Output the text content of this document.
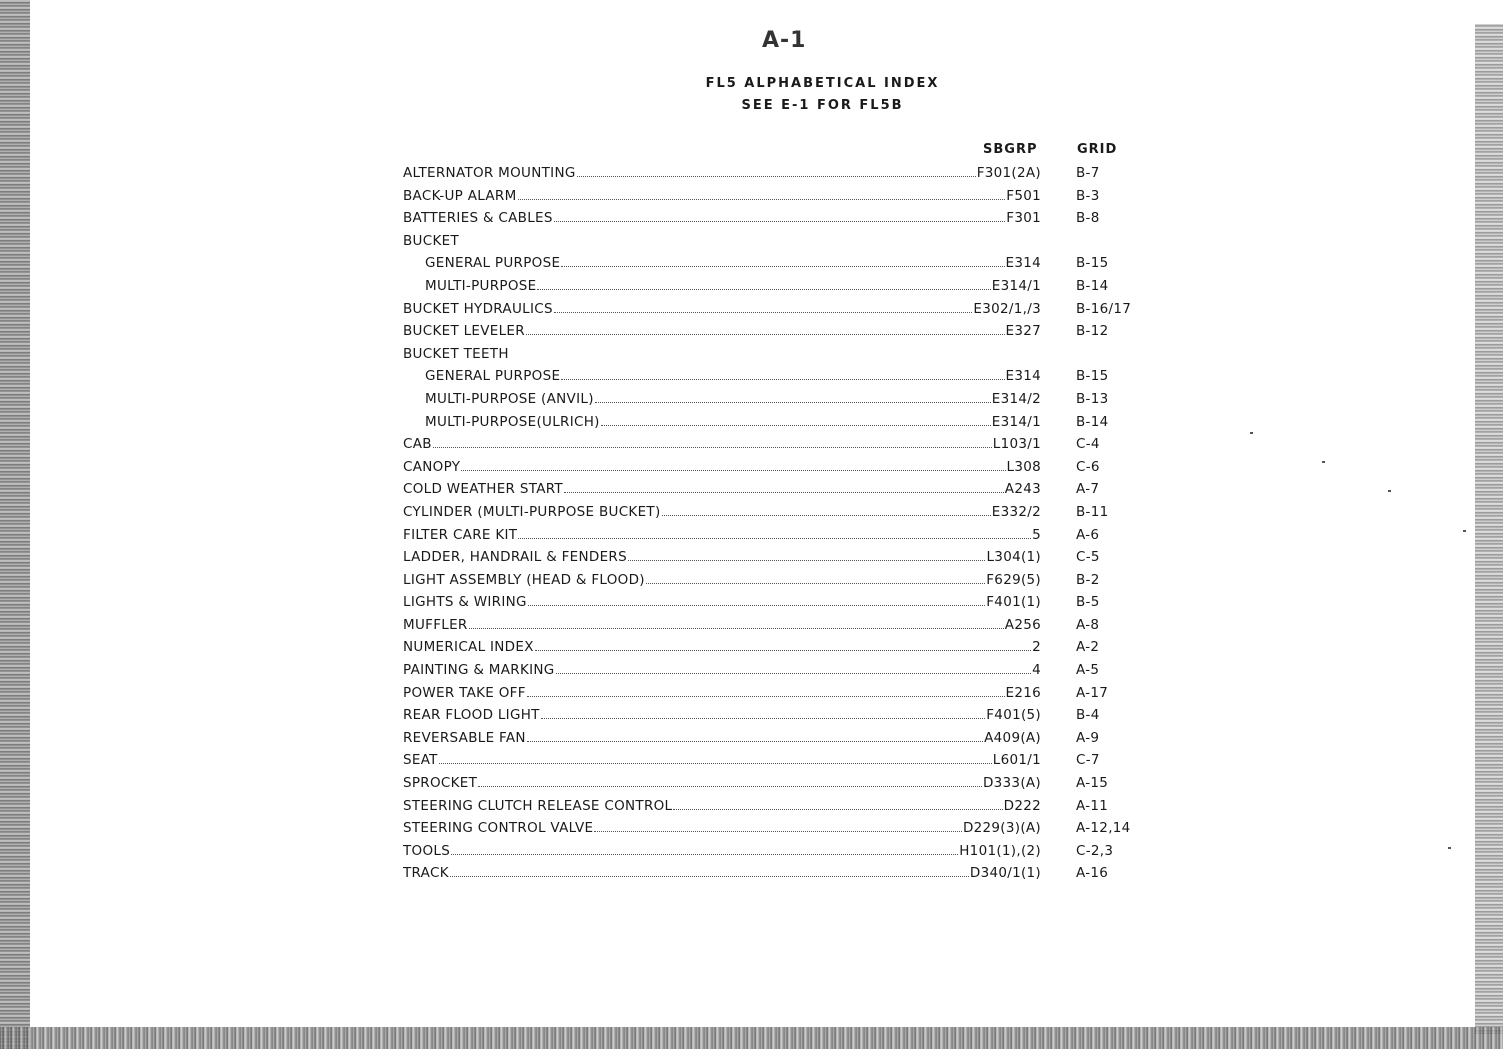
A-1
FL5 ALPHABETICAL INDEX
SEE E-1 FOR FL5B
SBGRP	GRID
ALTERNATOR MOUNTING	F301(2A)	B-7
BACK-UP ALARM	F501	B-3
BATTERIES & CABLES	F301	B-8
BUCKET
GENERAL PURPOSE	E314	B-15
MULTI-PURPOSE	E314/1	B-14
BUCKET HYDRAULICS	E302/1,/3	B-16/17
BUCKET LEVELER	E327	B-12
BUCKET TEETH
GENERAL PURPOSE	E314	B-15
MULTI-PURPOSE (ANVIL)	E314/2	B-13
MULTI-PURPOSE(ULRICH)	E314/1	B-14
CAB	L103/1	C-4
CANOPY	L308	C-6
COLD WEATHER START	A243	A-7
CYLINDER (MULTI-PURPOSE BUCKET)	E332/2	B-11
FILTER CARE KIT	5	A-6
LADDER, HANDRAIL & FENDERS	L304(1)	C-5
LIGHT ASSEMBLY (HEAD & FLOOD)	F629(5)	B-2
LIGHTS & WIRING	F401(1)	B-5
MUFFLER	A256	A-8
NUMERICAL INDEX	2	A-2
PAINTING & MARKING	4	A-5
POWER TAKE OFF	E216	A-17
REAR FLOOD LIGHT	F401(5)	B-4
REVERSABLE FAN	A409(A)	A-9
SEAT	L601/1	C-7
SPROCKET	D333(A)	A-15
STEERING CLUTCH RELEASE CONTROL	D222	A-11
STEERING CONTROL VALVE	D229(3)(A)	A-12,14
TOOLS	H101(1),(2)	C-2,3
TRACK	D340/1(1)	A-16
